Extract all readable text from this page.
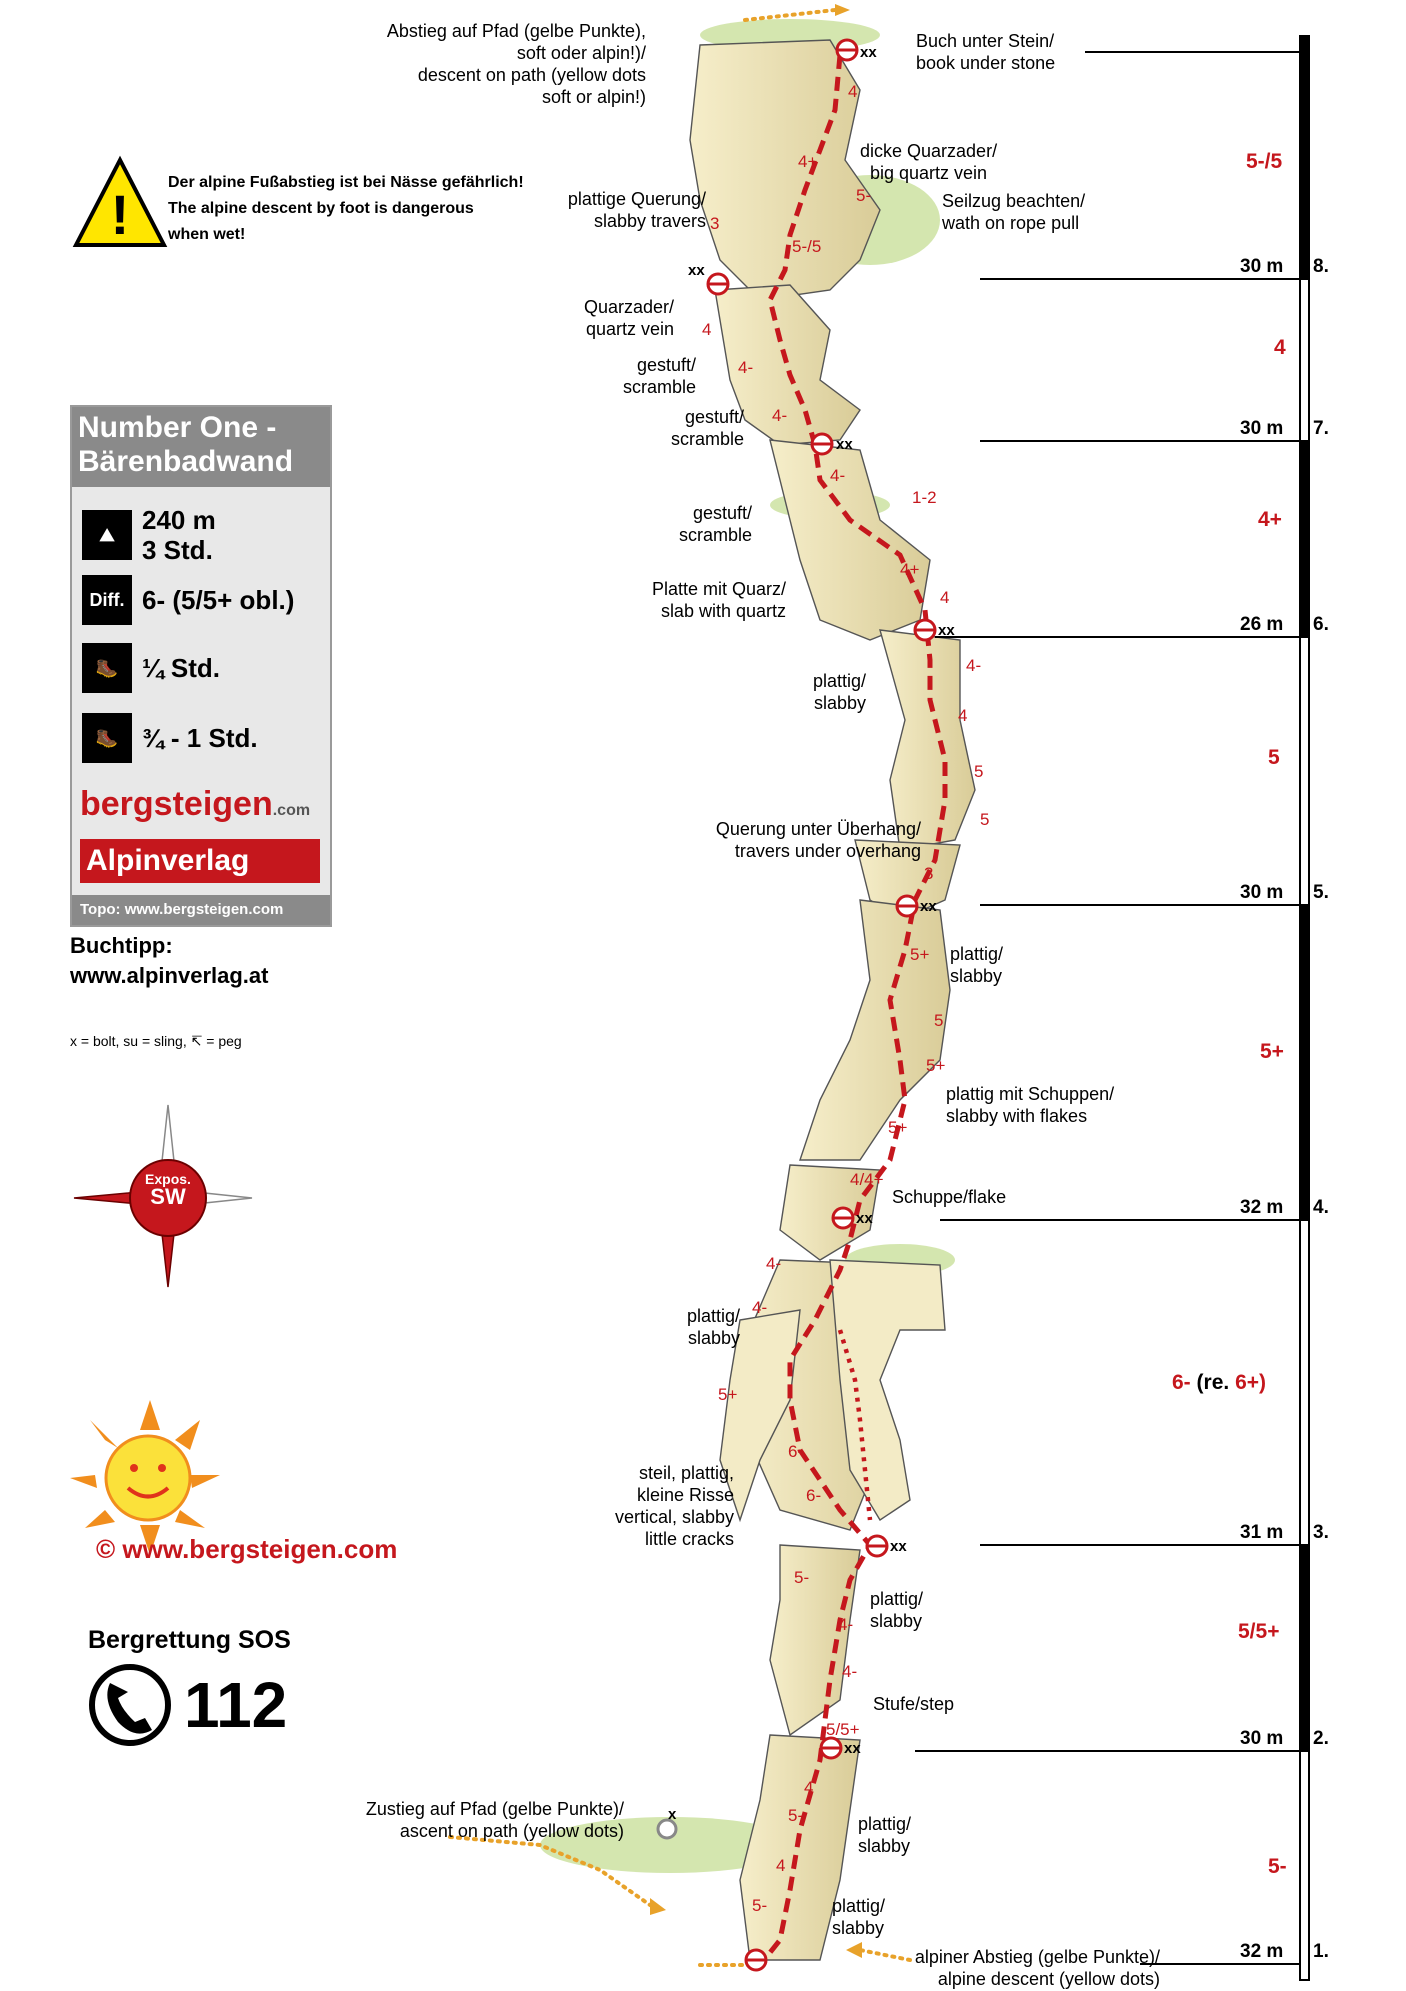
!
Der alpine Fußabstieg ist bei Nässe gefährlich!
The alpine descent by foot is dangerous
when wet!
Number One - Bärenbadwand
⛰	240 m
3 Std.
Diff. 6- (5/5+ obl.)
🥾 ¼ Std.
🥾 ¾ - 1 Std.
bergsteigen.com
Alpinverlag
Topo: www.bergsteigen.com
Buchtipp:
www.alpinverlag.at
x = bolt, su = sling, ↸ = peg
Expos.
SW
© www.bergsteigen.com
Bergrettung SOS
112
30 m 8.
30 m 7.
26 m 6.
30 m 5.
32 m 4.
31 m 3.
30 m 2.
32 m 1.
5-/5
4
4+
5
5+
6- (re. 6+)
5/5+
5-
Abstieg auf Pfad (gelbe Punkte),
soft oder alpin!)/
descent on path (yellow dots
soft or alpin!)
Buch unter Stein/
book under stone
dicke Quarzader/
big quartz vein
Seilzug beachten/
wath on rope pull
plattige Querung/
slabby travers
Quarzader/
quartz vein
gestuft/
scramble
gestuft/
scramble
gestuft/
scramble
Platte mit Quarz/
slab with quartz
plattig/
slabby
Querung unter Überhang/
travers under overhang
plattig/
slabby
plattig mit Schuppen/
slabby with flakes
Schuppe/flake
plattig/
slabby
steil, plattig,
kleine Risse
vertical, slabby
little cracks
plattig/
slabby
Stufe/step
Zustieg auf Pfad (gelbe Punkte)/
ascent on path (yellow dots)	plattig/
slabby
plattig/
slabby
alpiner Abstieg (gelbe Punkte)/
alpine descent (yellow dots)
4
4+
5-
5-/5
3
4
4-
4-
4-
1-2
4+
4
4-
4
5
5
3
5+
5
5+
5+
4/4+
4-
4-
5+
6-
6-
5-
4-
4-
5/5+
4
5-
4
5-
xx
xx
xx
xx
xx
xx
xx
xx
x
